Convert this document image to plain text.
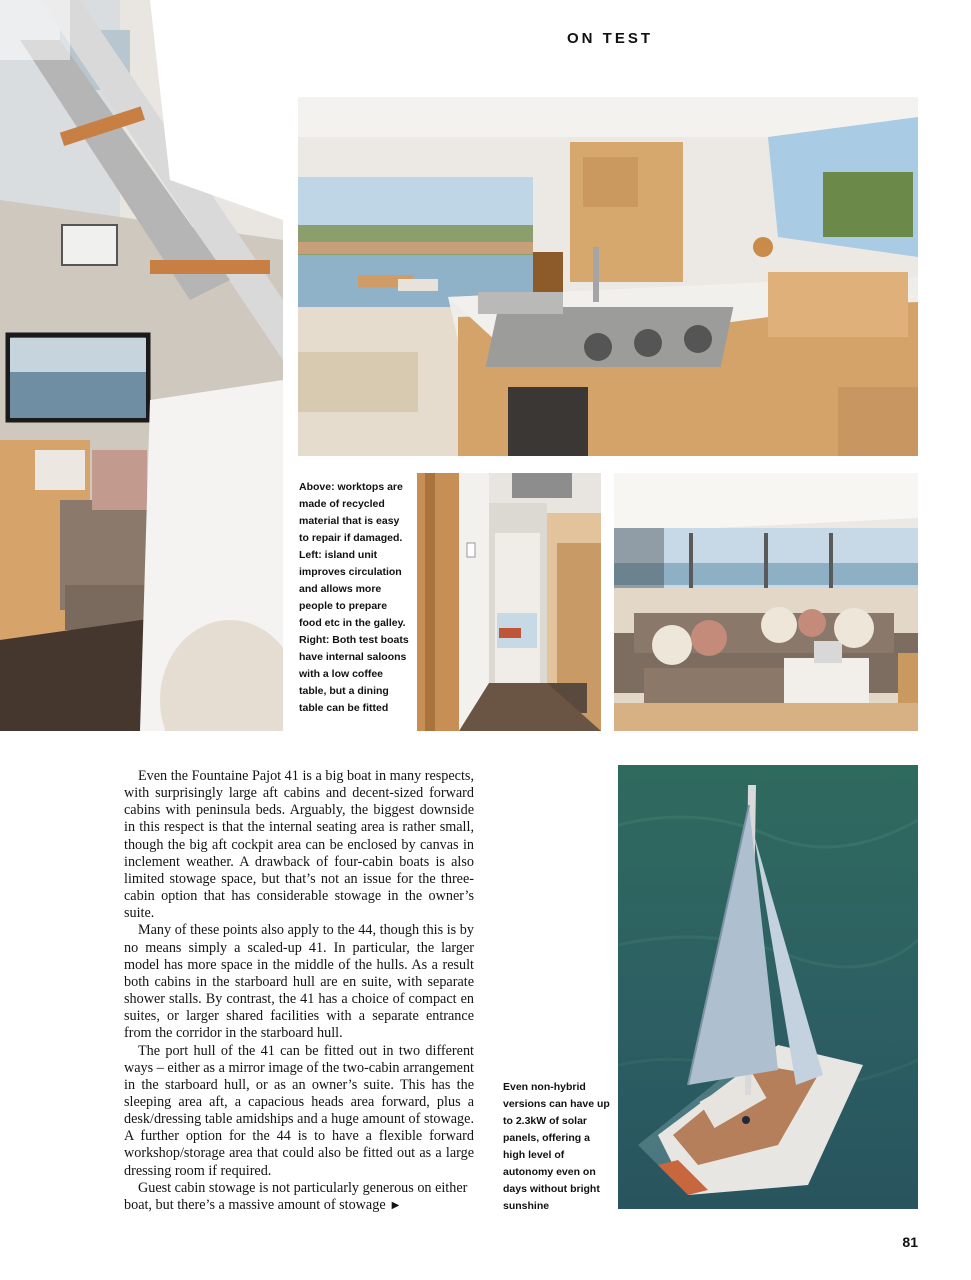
ON TEST
Above: worktops are made of recycled material that is easy to repair if damaged. Left: island unit improves circulation and allows more people to prepare food etc in the galley. Right: Both test boats have internal saloons with a low coffee table, but a dining table can be fitted

Even the Fountaine Pajot 41 is a big boat in many respects, with surprisingly large aft cabins and decent-sized forward cabins with peninsula beds. Arguably, the biggest downside in this respect is that the internal seating area is rather small, though the big aft cockpit area can be enclosed by canvas in inclement weather. A drawback of four-cabin boats is also limited stowage space, but that’s not an issue for the three-cabin option that has considerable stowage in the owner’s suite.

Many of these points also apply to the 44, though this is by no means simply a scaled-up 41. In particular, the larger model has more space in the middle of the hulls. As a result both cabins in the starboard hull are en suite, with separate shower stalls. By contrast, the 41 has a choice of compact en suites, or larger shared facilities with a separate entrance from the corridor in the starboard hull.

The port hull of the 41 can be fitted out in two different ways – either as a mirror image of the two-cabin arrangement in the starboard hull, or as an owner’s suite. This has the sleeping area aft, a capacious heads area forward, plus a desk/dressing table amidships and a huge amount of stowage. A further option for the 44 is to have a flexible forward workshop/storage area that could also be fitted out as a large dressing room if required.

Guest cabin stowage is not particularly generous on either boat, but there’s a massive amount of stowage ▶

Even non-hybrid versions can have up to 2.3kW of solar panels, offering a high level of autonomy even on days without bright sunshine
81
